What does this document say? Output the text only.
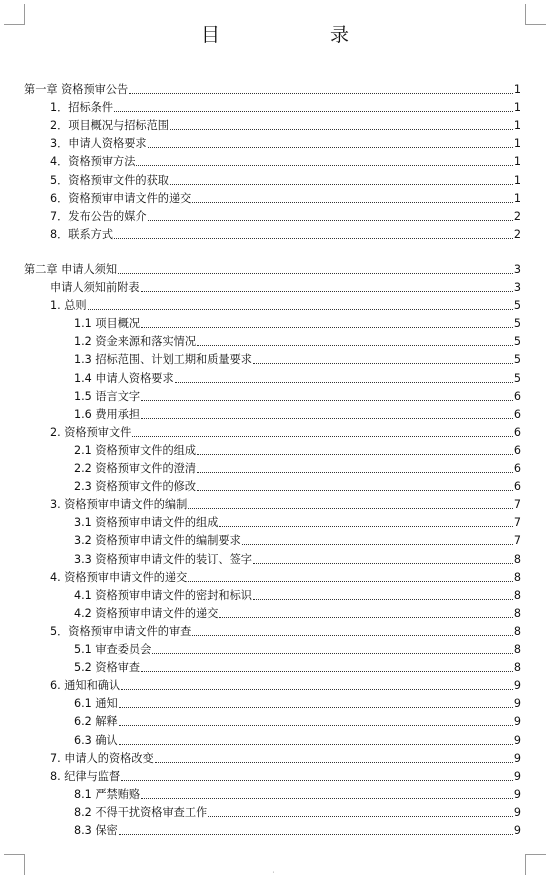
目 录
第一章 资格预审公告	1
1．招标条件	1
2．项目概况与招标范围	1
3．申请人资格要求	1
4．资格预审方法	1
5．资格预审文件的获取	1
6．资格预审申请文件的递交	1
7．发布公告的媒介	2
8．联系方式	2
第二章 申请人须知	3
申请人须知前附表	3
1. 总则	5
1.1 项目概况	5
1.2 资金来源和落实情况	5
1.3 招标范围、计划工期和质量要求	5
1.4 申请人资格要求	5
1.5 语言文字	6
1.6 费用承担	6
2. 资格预审文件	6
2.1 资格预审文件的组成	6
2.2 资格预审文件的澄清	6
2.3 资格预审文件的修改	6
3. 资格预审申请文件的编制	7
3.1 资格预审申请文件的组成	7
3.2 资格预审申请文件的编制要求	7
3.3 资格预审申请文件的装订、签字	8
4. 资格预审申请文件的递交	8
4.1 资格预审申请文件的密封和标识	8
4.2 资格预审申请文件的递交	8
5．资格预审申请文件的审查	8
5.1 审查委员会	8
5.2 资格审查	8
6. 通知和确认	9
6.1 通知	9
6.2 解释	9
6.3 确认	9
7. 申请人的资格改变	9
8. 纪律与监督	9
8.1 严禁贿赂	9
8.2 不得干扰资格审查工作	9
8.3 保密	9
⋅
